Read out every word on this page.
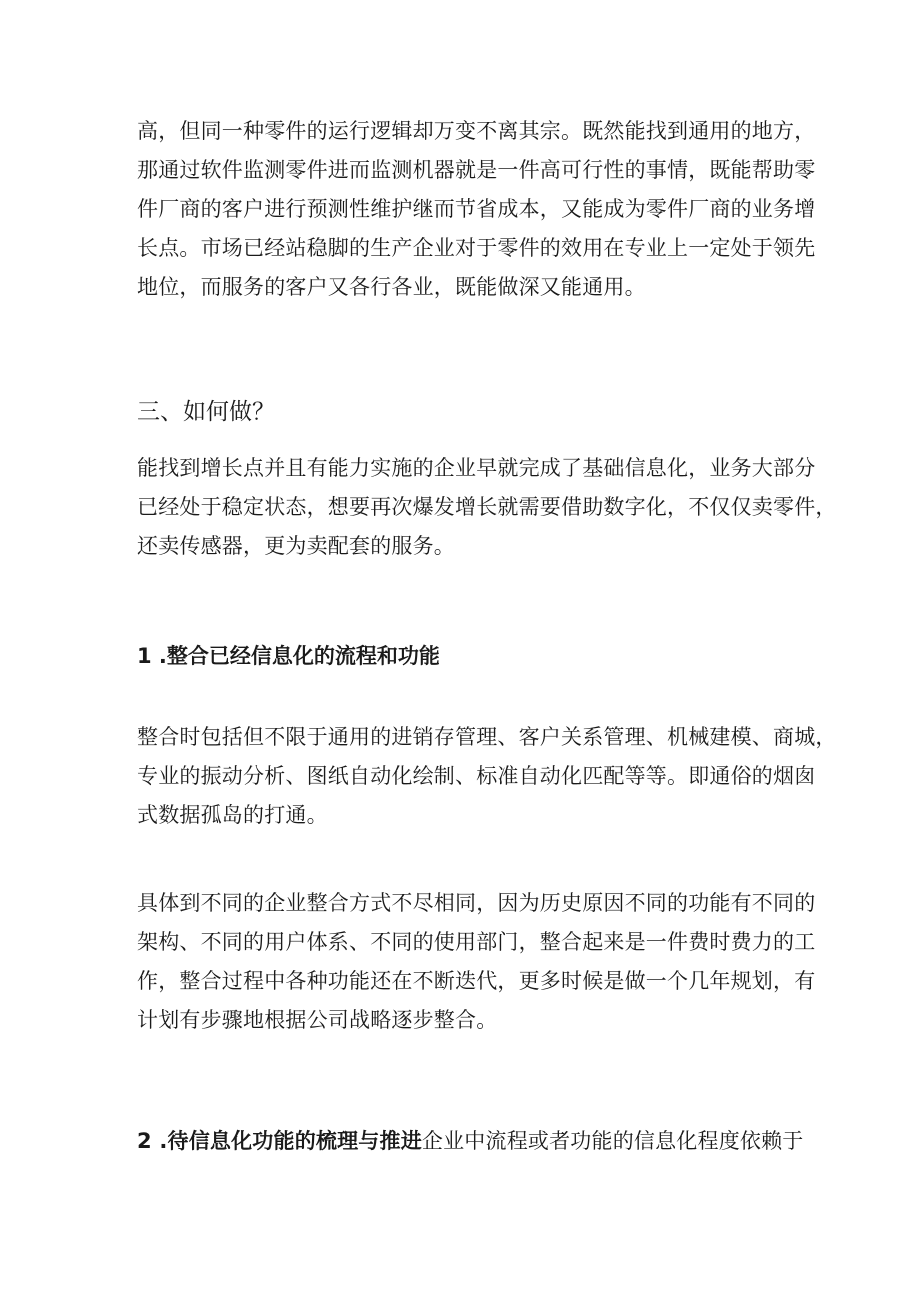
高，但同一种零件的运行逻辑却万变不离其宗。既然能找到通用的地方，
那通过软件监测零件进而监测机器就是一件高可行性的事情，既能帮助零
件厂商的客户进行预测性维护继而节省成本，又能成为零件厂商的业务增
长点。市场已经站稳脚的生产企业对于零件的效用在专业上一定处于领先
地位，而服务的客户又各行各业，既能做深又能通用。
三、如何做？
能找到增长点并且有能力实施的企业早就完成了基础信息化，业务大部分
已经处于稳定状态，想要再次爆发增长就需要借助数字化，不仅仅卖零件，
还卖传感器，更为卖配套的服务。
1 .整合已经信息化的流程和功能
整合时包括但不限于通用的进销存管理、客户关系管理、机械建模、商城，
专业的振动分析、图纸自动化绘制、标准自动化匹配等等。即通俗的烟囱
式数据孤岛的打通。
具体到不同的企业整合方式不尽相同，因为历史原因不同的功能有不同的
架构、不同的用户体系、不同的使用部门，整合起来是一件费时费力的工
作，整合过程中各种功能还在不断迭代，更多时候是做一个几年规划，有
计划有步骤地根据公司战略逐步整合。
2 .待信息化功能的梳理与推进企业中流程或者功能的信息化程度依赖于
